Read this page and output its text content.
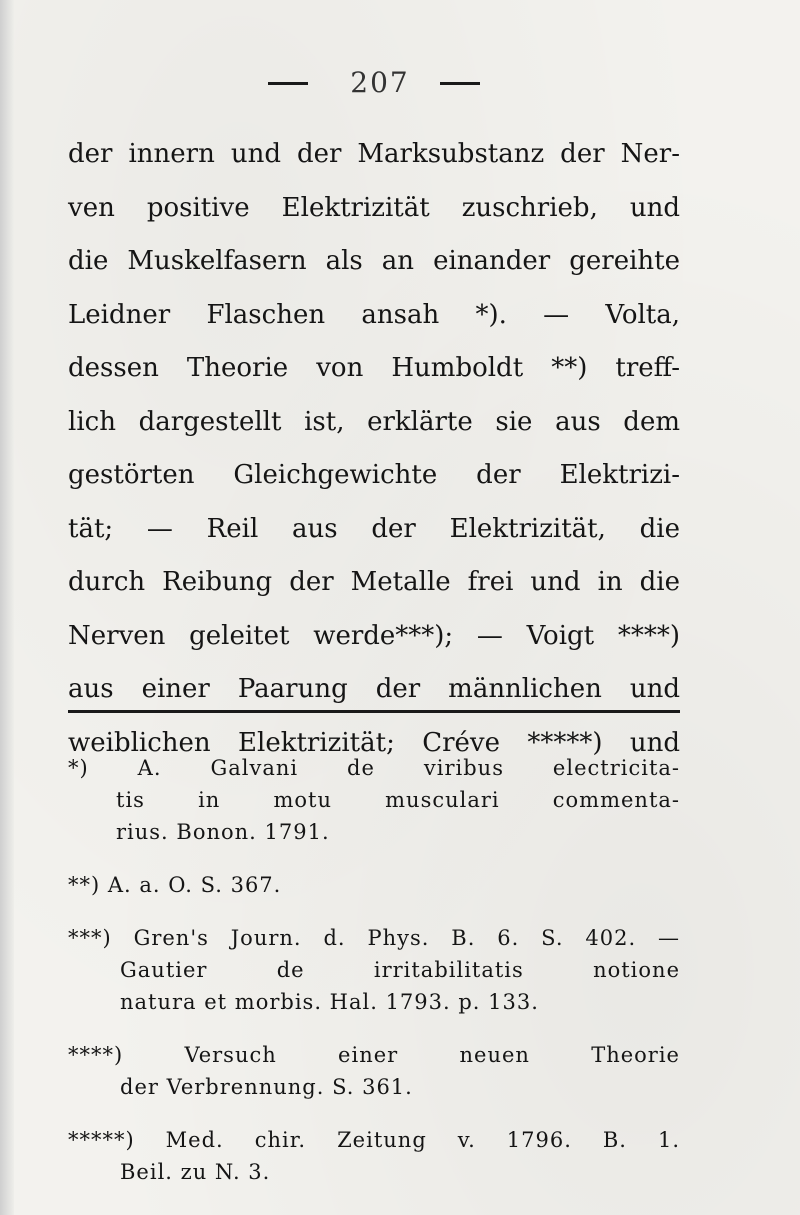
207
der innern und der Marksubstanz der Ner-
ven positive Elektrizität zuschrieb, und
die Muskelfasern als an einander gereihte
Leidner Flaschen ansah *). — Volta,
dessen Theorie von Humboldt **) treff-
lich dargestellt ist, erklärte sie aus dem
gestörten Gleichgewichte der Elektrizi-
tät; — Reil aus der Elektrizität, die
durch Reibung der Metalle frei und in die
Nerven geleitet werde***); — Voigt ****)
aus einer Paarung der männlichen und
weiblichen Elektrizität; Créve *****) und
*) A. Galvani de viribus electricita-
tis in motu musculari commenta-
rius. Bonon. 1791.
**) A. a. O. S. 367.
***) Gren's Journ. d. Phys. B. 6. S. 402. —
Gautier de irritabilitatis notione
natura et morbis. Hal. 1793. p. 133.
****) Versuch einer neuen Theorie
der Verbrennung. S. 361.
*****) Med. chir. Zeitung v. 1796. B. 1.
Beil. zu N. 3.
